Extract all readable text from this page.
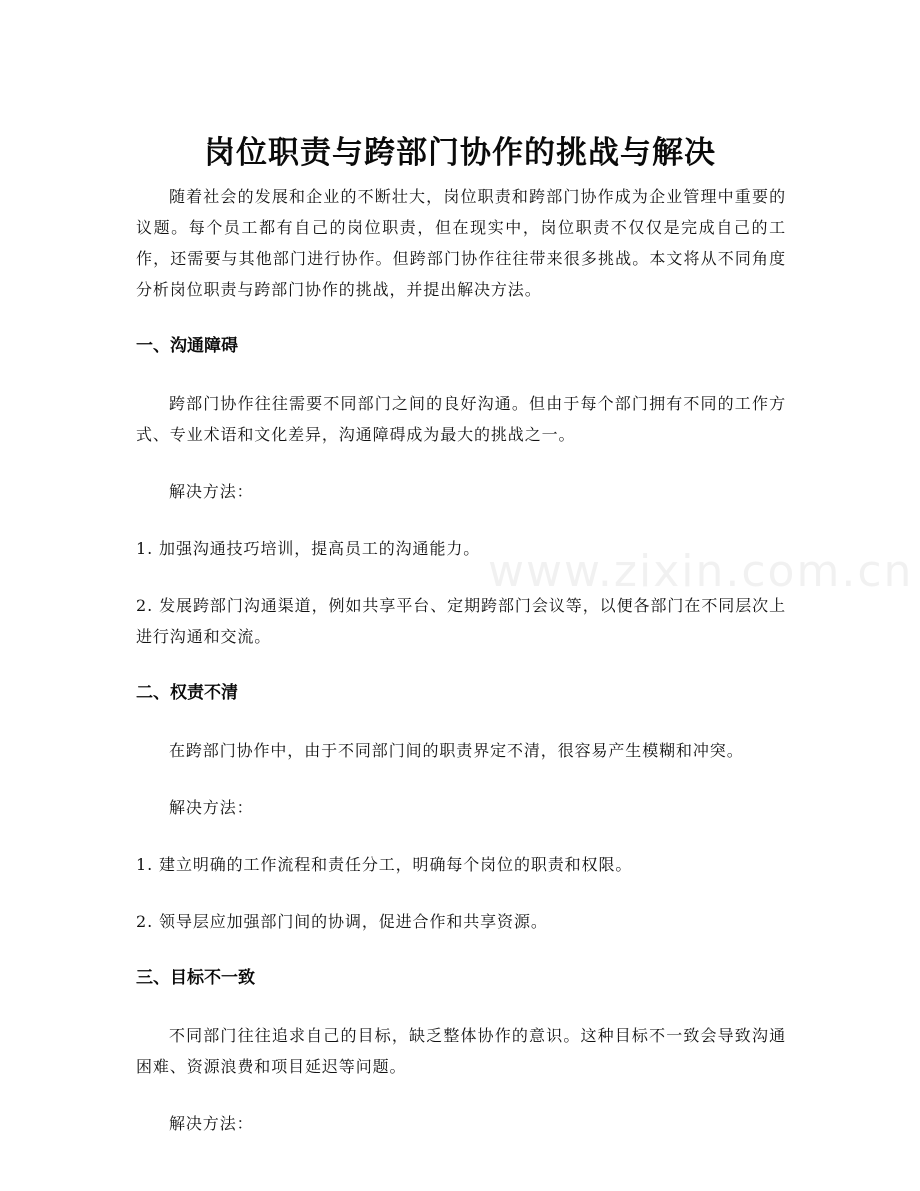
岗位职责与跨部门协作的挑战与解决
www.zixin.com.cn

随着社会的发展和企业的不断壮大，岗位职责和跨部门协作成为企业管理中重要的议题。每个员工都有自己的岗位职责，但在现实中，岗位职责不仅仅是完成自己的工作，还需要与其他部门进行协作。但跨部门协作往往带来很多挑战。本文将从不同角度分析岗位职责与跨部门协作的挑战，并提出解决方法。

一、沟通障碍

跨部门协作往往需要不同部门之间的良好沟通。但由于每个部门拥有不同的工作方式、专业术语和文化差异，沟通障碍成为最大的挑战之一。

解决方法：

1. 加强沟通技巧培训，提高员工的沟通能力。

2. 发展跨部门沟通渠道，例如共享平台、定期跨部门会议等，以便各部门在不同层次上进行沟通和交流。

二、权责不清

在跨部门协作中，由于不同部门间的职责界定不清，很容易产生模糊和冲突。

解决方法：

1. 建立明确的工作流程和责任分工，明确每个岗位的职责和权限。

2. 领导层应加强部门间的协调，促进合作和共享资源。

三、目标不一致

不同部门往往追求自己的目标，缺乏整体协作的意识。这种目标不一致会导致沟通困难、资源浪费和项目延迟等问题。

解决方法：
